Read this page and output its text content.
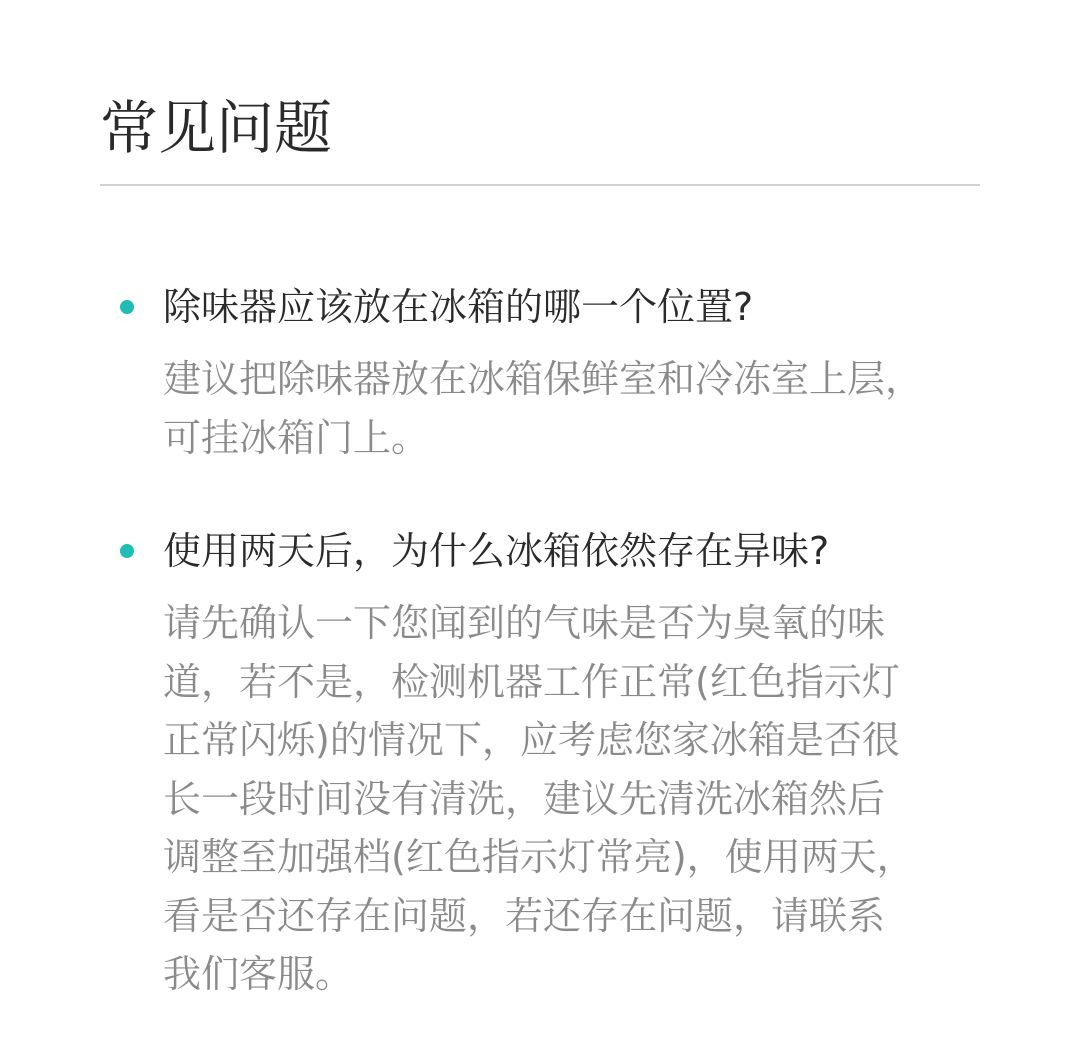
常见问题
除味器应该放在冰箱的哪一个位置?
建议把除味器放在冰箱保鲜室和冷冻室上层，
可挂冰箱门上。
使用两天后，为什么冰箱依然存在异味?
请先确认一下您闻到的气味是否为臭氧的味
道，若不是，检测机器工作正常(红色指示灯
正常闪烁)的情况下，应考虑您家冰箱是否很
长一段时间没有清洗，建议先清洗冰箱然后
调整至加强档(红色指示灯常亮)，使用两天，
看是否还存在问题，若还存在问题，请联系
我们客服。
